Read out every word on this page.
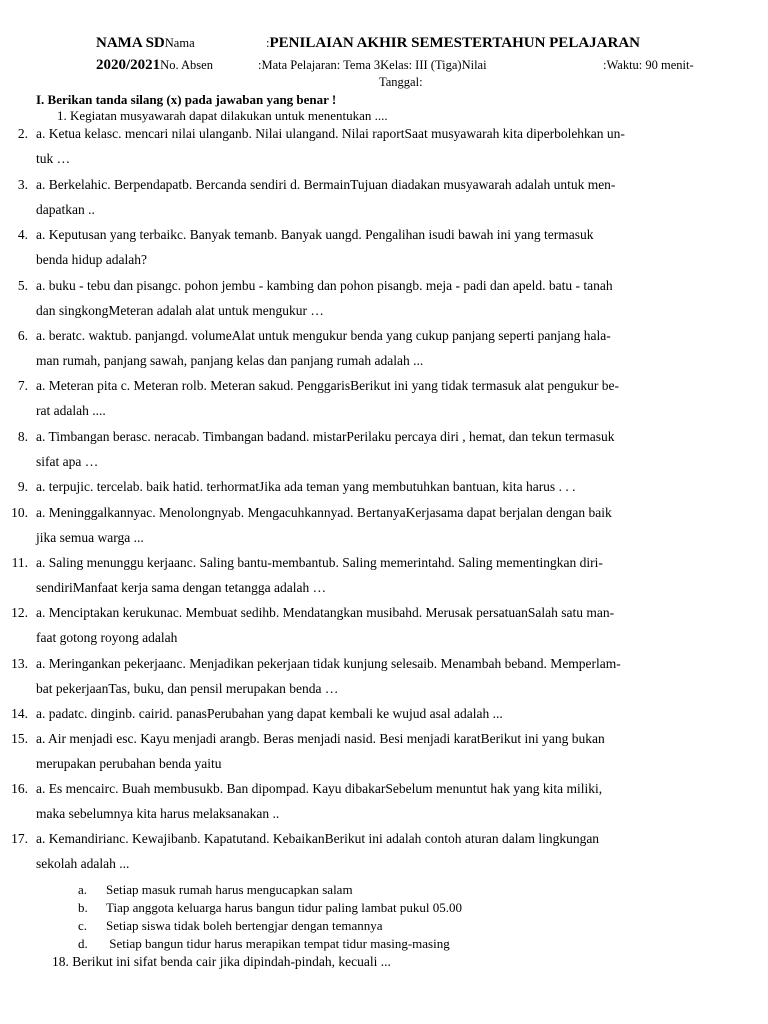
NAMA SDNama	:PENILAIAN AKHIR SEMESTERTAHUN PELAJARAN
2020/2021No. Absen	:Mata Pelajaran: Tema 3Kelas: III (Tiga)Nilai	:Waktu: 90 menit-
Tanggal:
I. Berikan tanda silang (x) pada jawaban yang benar !
1. Kegiatan musyawarah dapat dilakukan untuk menentukan ....
2. a. Ketua kelasc. mencari nilai ulanganb. Nilai ulangand. Nilai raportSaat musyawarah kita diperbolehkan un-
tuk …
3. a. Berkelahic. Berpendapatb. Bercanda sendiri d. BermainTujuan diadakan musyawarah adalah untuk men-
dapatkan ..
4. a. Keputusan yang terbaikc. Banyak temanb. Banyak uangd. Pengalihan isudi bawah ini yang termasuk
benda hidup adalah?
5. a. buku - tebu dan pisangc. pohon jembu - kambing dan pohon pisangb. meja - padi dan apeld. batu - tanah
dan singkongMeteran adalah alat untuk mengukur …
6. a. beratc. waktub. panjangd. volumeAlat untuk mengukur benda yang cukup panjang seperti panjang hala-
man rumah, panjang sawah, panjang kelas dan panjang rumah adalah ...
7. a. Meteran pita c. Meteran rolb. Meteran sakud. PenggarisBerikut ini yang tidak termasuk alat pengukur be-
rat adalah ....
8. a. Timbangan berasc. neracab. Timbangan badand. mistarPerilaku percaya diri , hemat, dan tekun termasuk
sifat apa …
9. a. terpujic. tercelab. baik hatid. terhormatJika ada teman yang membutuhkan bantuan, kita harus . . .
10. a. Meninggalkannyac. Menolongnyab. Mengacuhkannyad. BertanyaKerjasama dapat berjalan dengan baik
jika semua warga ...
11. a. Saling menunggu kerjaanc. Saling bantu-membantub. Saling memerintahd. Saling mementingkan diri-
sendiriManfaat kerja sama dengan tetangga adalah …
12. a. Menciptakan kerukunac. Membuat sedihb. Mendatangkan musibahd. Merusak persatuanSalah satu man-
faat gotong royong adalah
13. a. Meringankan pekerjaanc. Menjadikan pekerjaan tidak kunjung selesaib. Menambah beband. Memperlam-
bat pekerjaanTas, buku, dan pensil merupakan benda …
14. a. padatc. dinginb. cairid. panasPerubahan yang dapat kembali ke wujud asal adalah ...
15. a. Air menjadi esc. Kayu menjadi arangb. Beras menjadi nasid. Besi menjadi karatBerikut ini yang bukan
merupakan perubahan benda yaitu
16. a. Es mencairc. Buah membusukb. Ban dipompad. Kayu dibakarSebelum menuntut hak yang kita miliki,
maka sebelumnya kita harus melaksanakan ..
17. a. Kemandirianc. Kewajibanb. Kapatutand. KebaikanBerikut ini adalah contoh aturan dalam lingkungan
sekolah adalah ...
a. Setiap masuk rumah harus mengucapkan salam
b. Tiap anggota keluarga harus bangun tidur paling lambat pukul 05.00
c. Setiap siswa tidak boleh bertengjar dengan temannya
d. Setiap bangun tidur harus merapikan tempat tidur masing-masing
18. Berikut ini sifat benda cair jika dipindah-pindah, kecuali ...
